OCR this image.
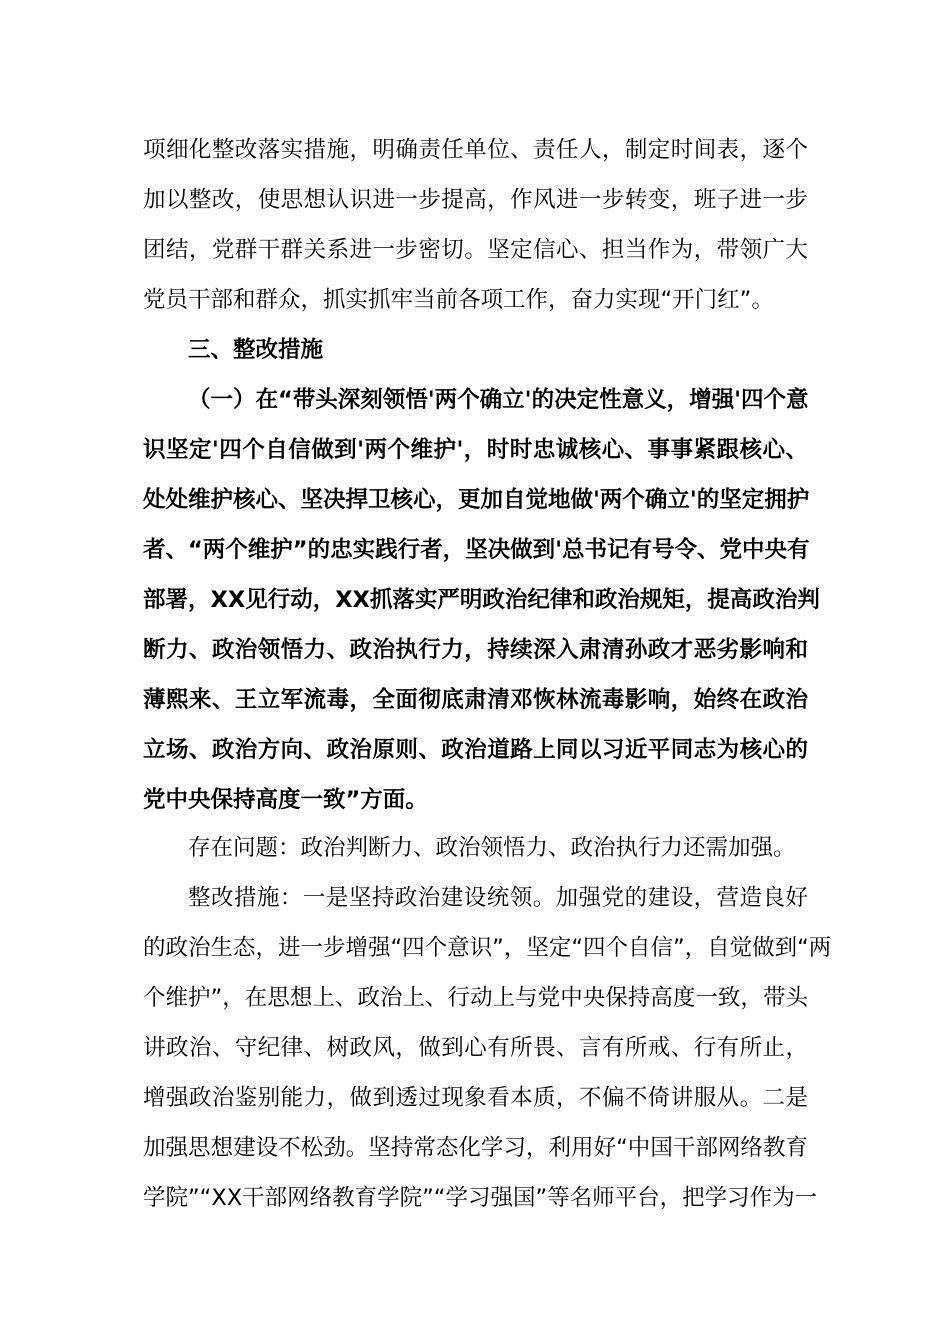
项细化整改落实措施，明确责任单位、责任人，制定时间表，逐个
加以整改，使思想认识进一步提高，作风进一步转变，班子进一步
团结，党群干群关系进一步密切。坚定信心、担当作为，带领广大
党员干部和群众，抓实抓牢当前各项工作，奋力实现“开门红”。
三、整改措施
（一）在“带头深刻领悟'两个确立'的决定性意义，增强'四个意
识坚定'四个自信做到'两个维护'，时时忠诚核心、事事紧跟核心、
处处维护核心、坚决捍卫核心，更加自觉地做'两个确立'的坚定拥护
者、“两个维护”的忠实践行者，坚决做到'总书记有号令、党中央有
部署，XX见行动，XX抓落实严明政治纪律和政治规矩，提高政治判
断力、政治领悟力、政治执行力，持续深入肃清孙政才恶劣影响和
薄熙来、王立军流毒，全面彻底肃清邓恢林流毒影响，始终在政治
立场、政治方向、政治原则、政治道路上同以习近平同志为核心的
党中央保持高度一致”方面。
存在问题：政治判断力、政治领悟力、政治执行力还需加强。
整改措施：一是坚持政治建设统领。加强党的建设，营造良好
的政治生态，进一步增强“四个意识”，坚定“四个自信”，自觉做到“两
个维护”，在思想上、政治上、行动上与党中央保持高度一致，带头
讲政治、守纪律、树政风，做到心有所畏、言有所戒、行有所止，
增强政治鉴别能力，做到透过现象看本质，不偏不倚讲服从。二是
加强思想建设不松劲。坚持常态化学习，利用好“中国干部网络教育
学院”“XX干部网络教育学院”“学习强国”等名师平台，把学习作为一
